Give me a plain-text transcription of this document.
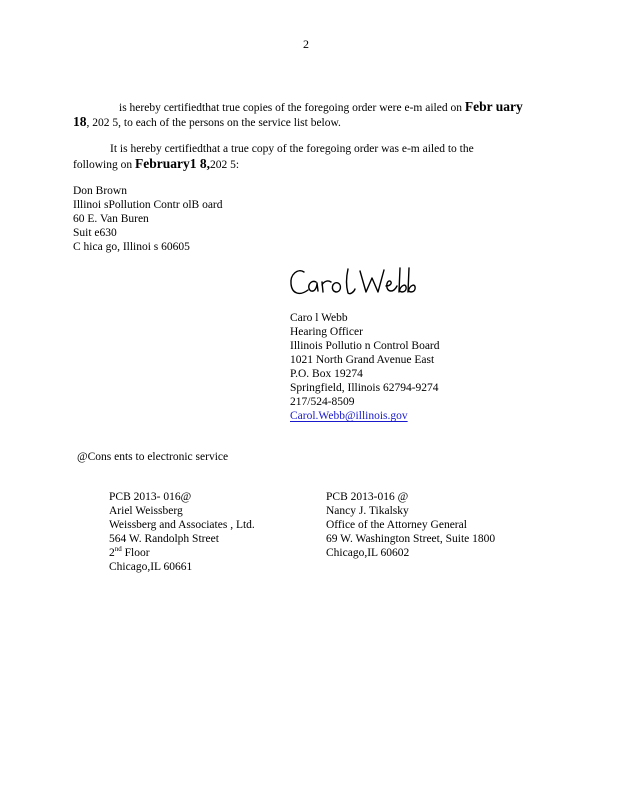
2
is hereby certifiedthat true copies of the foregoing order were e-m ailed on Febr uary
18, 202 5, to each of the persons on the service list below.
It is hereby certifiedthat a true copy of the foregoing order was e-m ailed to the
following on February1 8,202 5:
Don Brown
Illinoi sPollution Contr olB oard
60 E. Van Buren
Suit e630
C hica go, Illinoi s 60605
Caro l Webb
Hearing Officer
Illinois Pollutio n Control Board
1021 North Grand Avenue East
P.O. Box 19274
Springfield, Illinois 62794-9274
217/524-8509
Carol.Webb@illinois.gov
@Cons ents to electronic service
PCB 2013- 016@
Ariel Weissberg
Weissberg and Associates , Ltd.
564 W. Randolph Street
2nd Floor
Chicago,IL 60661
PCB 2013-016 @
Nancy J. Tikalsky
Office of the Attorney General
69 W. Washington Street, Suite 1800
Chicago,IL 60602
